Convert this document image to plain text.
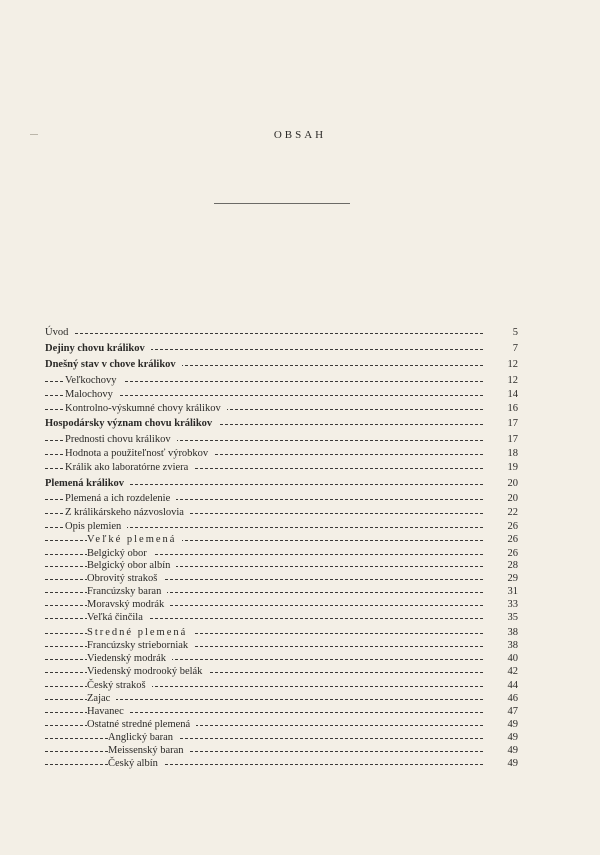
OBSAH
Úvod	5
Dejiny chovu králikov	7
Dnešný stav v chove králikov	12
Veľkochovy	12
Malochovy	14
Kontrolno-výskumné chovy králikov	16
Hospodársky význam chovu králikov	17
Prednosti chovu králikov	17
Hodnota a použiteľnosť výrobkov	18
Králik ako laboratórne zviera	19
Plemená králikov	20
Plemená a ich rozdelenie	20
Z králikárskeho názvoslovia	22
Opis plemien	26
Veľké plemená	26
Belgický obor	26
Belgický obor albín	28
Obrovitý strakoš	29
Francúzsky baran	31
Moravský modrák	33
Veľká činčila	35
Stredné plemená	38
Francúzsky strieborniak	38
Viedenský modrák	40
Viedenský modrooký belák	42
Český strakoš	44
Zajac	46
Havanec	47
Ostatné stredné plemená	49
Anglický baran	49
Meissenský baran	49
Český albín	49
